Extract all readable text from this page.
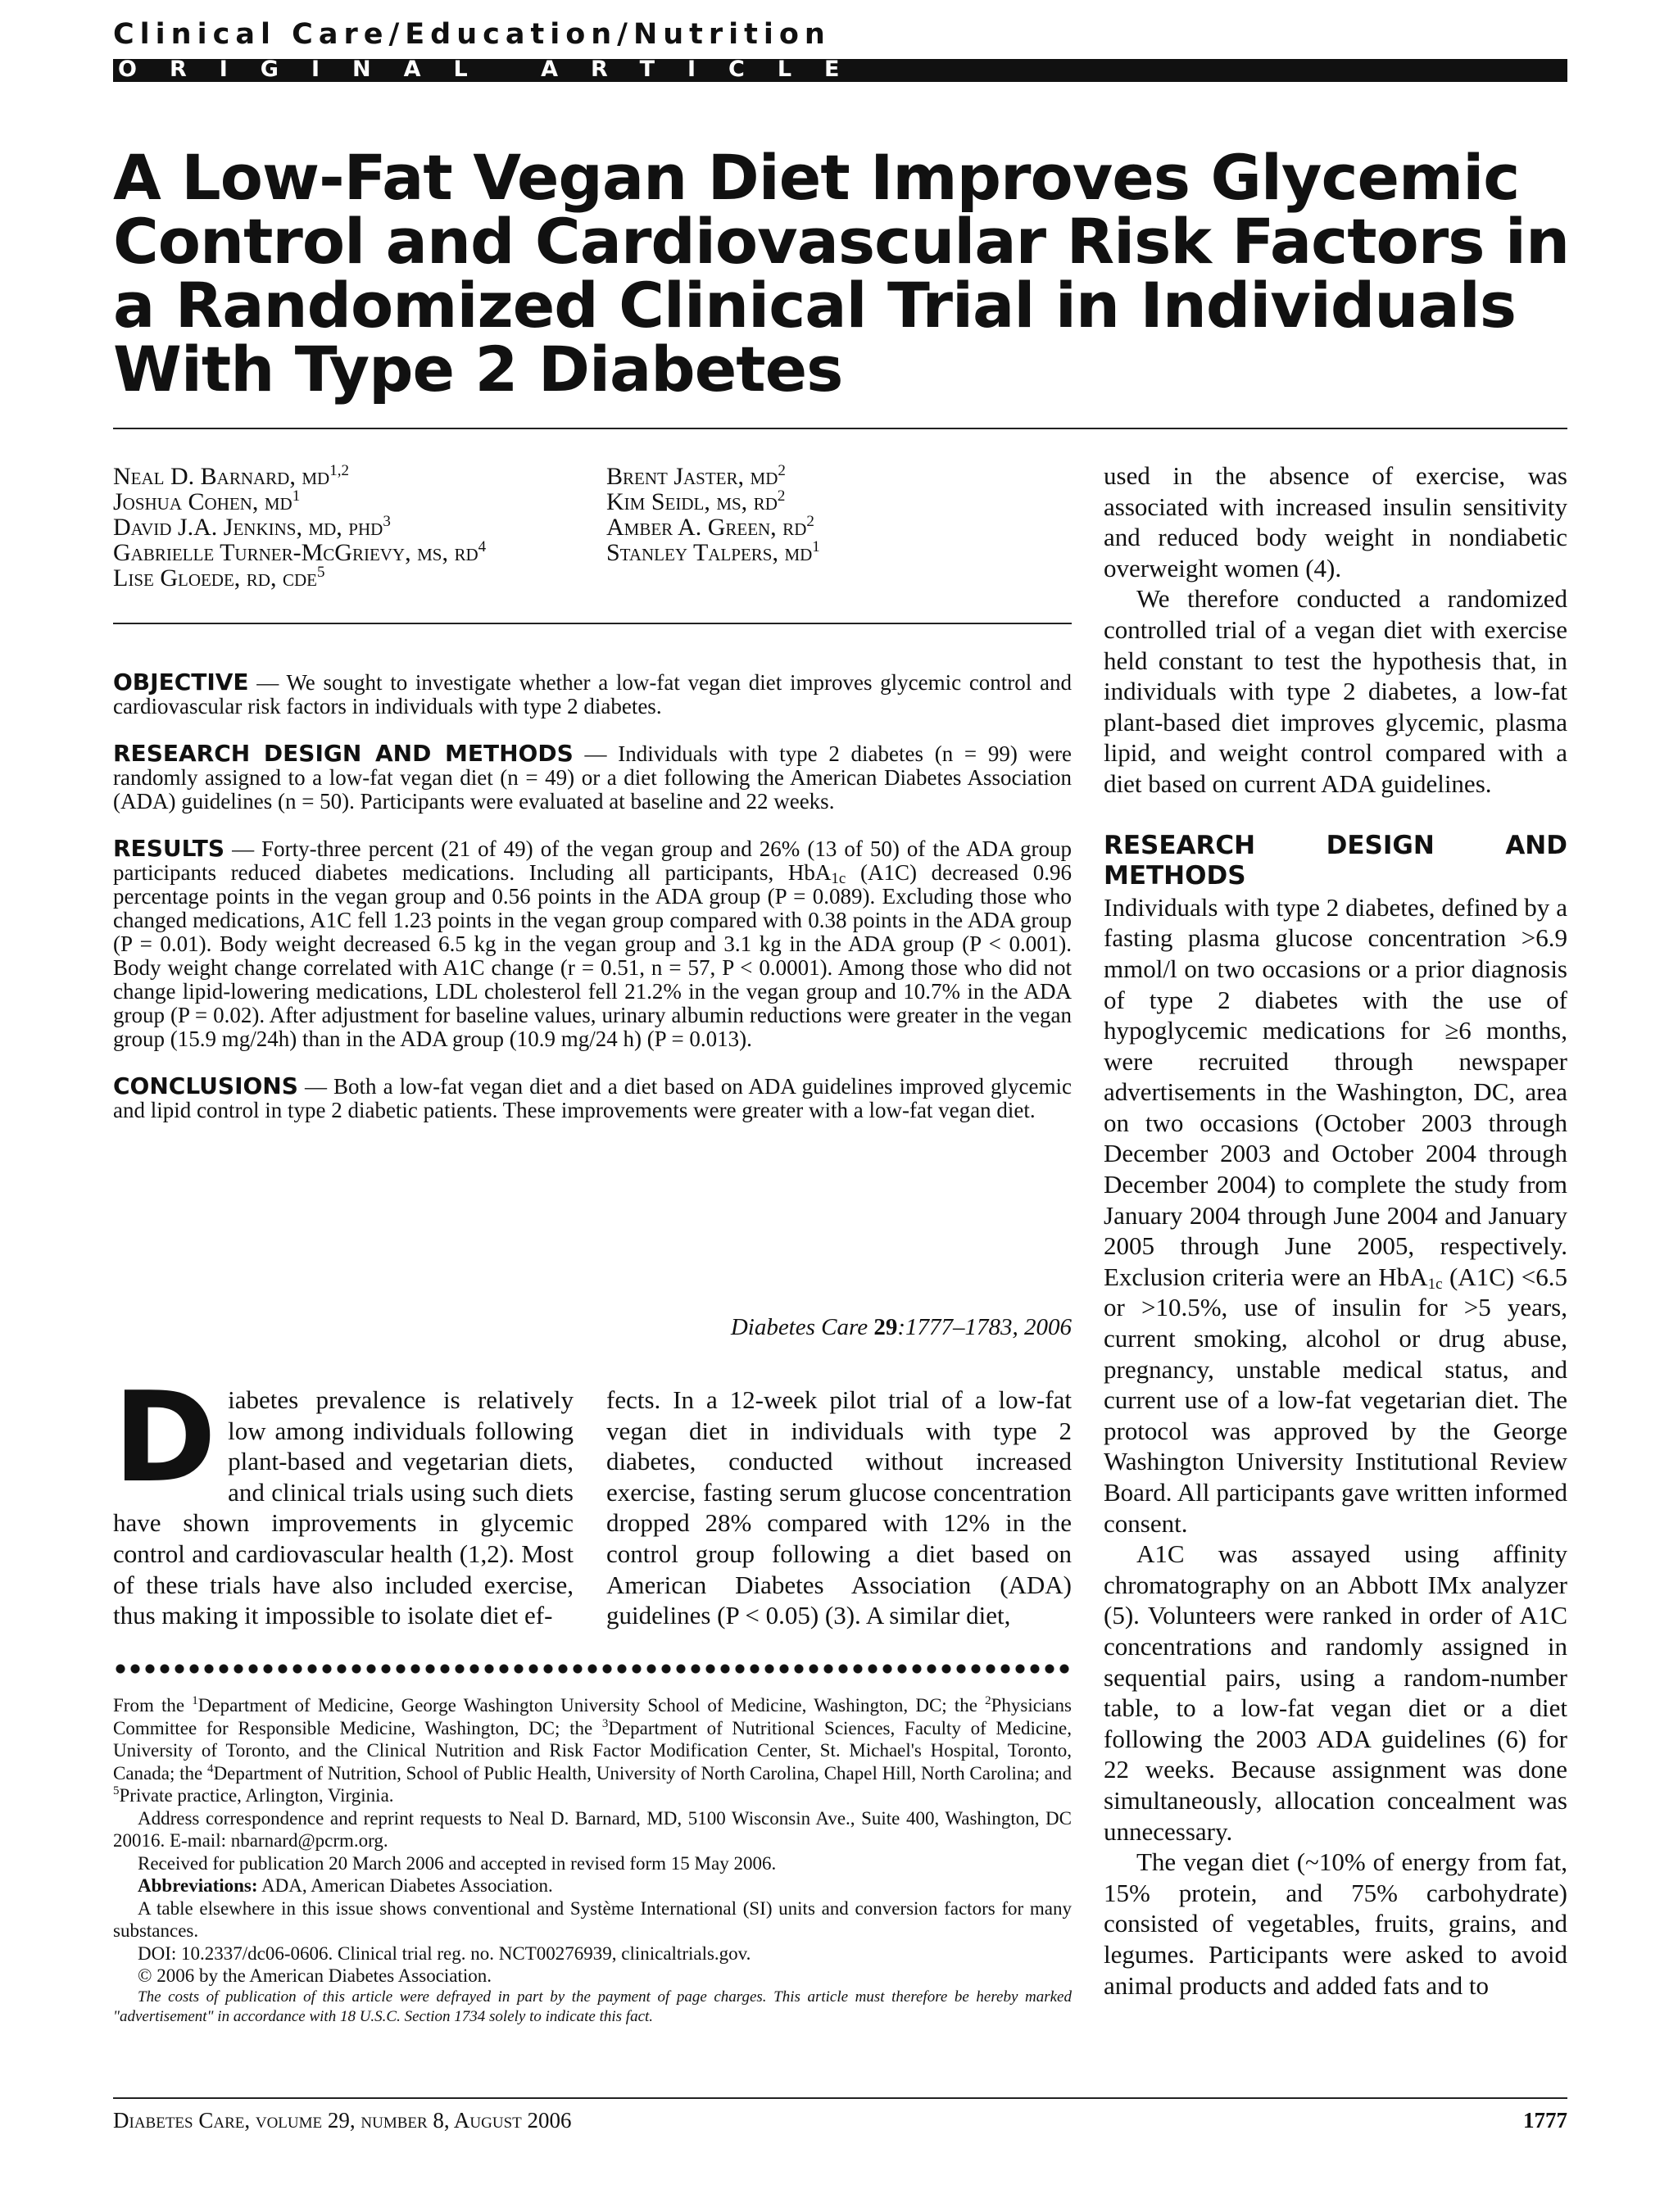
Clinical Care/Education/Nutrition
ORIGINAL ARTICLE
A Low-Fat Vegan Diet Improves Glycemic Control and Cardiovascular Risk Factors in a Randomized Clinical Trial in Individuals With Type 2 Diabetes
Neal D. Barnard, md$^{1,2}$
Joshua Cohen, $md^1$
David J.A. Jenkins, md, phd$^3$
Gabrielle Turner-McGrievy, ms, $rd^4$
Lise Gloede, rd, cde$^5$
Brent Jaster, $md^2$
Kim Seidl, ms, $rd^2$
Amber A. Green, $rd^2$
Stanley Talpers, $md^1$

OBJECTIVE — We sought to investigate whether a low-fat vegan diet improves glycemic control and cardiovascular risk factors in individuals with type 2 diabetes.

RESEARCH DESIGN AND METHODS — Individuals with type 2 diabetes (n = 99) were randomly assigned to a low-fat vegan diet (n = 49) or a diet following the American Diabetes Association (ADA) guidelines (n = 50). Participants were evaluated at baseline and 22 weeks.

RESULTS — Forty-three percent (21 of 49) of the vegan group and 26% (13 of 50) of the ADA group participants reduced diabetes medications. Including all participants, HbA$_{1c}$ (A1C) decreased 0.96 percentage points in the vegan group and 0.56 points in the ADA group (P = 0.089). Excluding those who changed medications, A1C fell 1.23 points in the vegan group compared with 0.38 points in the ADA group (P = 0.01). Body weight decreased 6.5 kg in the vegan group and 3.1 kg in the ADA group (P < 0.001). Body weight change correlated with A1C change (r = 0.51, n = 57, P < 0.0001). Among those who did not change lipid-lowering medications, LDL cholesterol fell 21.2% in the vegan group and 10.7% in the ADA group (P = 0.02). After adjustment for baseline values, urinary albumin reductions were greater in the vegan group (15.9 mg/24h) than in the ADA group (10.9 mg/24 h) (P = 0.013).

CONCLUSIONS — Both a low-fat vegan diet and a diet based on ADA guidelines improved glycemic and lipid control in type 2 diabetic patients. These improvements were greater with a low-fat vegan diet.

Diabetes Care 29:1777–1783, 2006

Diabetes prevalence is relatively low among individuals following plant-based and vegetarian diets, and clinical trials using such diets have shown improvements in glycemic control and cardiovascular health (1,2). Most of these trials have also included exercise, thus making it impossible to isolate diet ef-

fects. In a 12-week pilot trial of a low-fat vegan diet in individuals with type 2 diabetes, conducted without increased exercise, fasting serum glucose concentration dropped 28% compared with 12% in the control group following a diet based on American Diabetes Association (ADA) guidelines (P < 0.05) (3). A similar diet,

From the $^1$Department of Medicine, George Washington University School of Medicine, Washington, DC; the $^2$Physicians Committee for Responsible Medicine, Washington, DC; the $^3$Department of Nutritional Sciences, Faculty of Medicine, University of Toronto, and the Clinical Nutrition and Risk Factor Modification Center, St. Michael's Hospital, Toronto, Canada; the $^4$Department of Nutrition, School of Public Health, University of North Carolina, Chapel Hill, North Carolina; and $^5$Private practice, Arlington, Virginia.

Address correspondence and reprint requests to Neal D. Barnard, MD, 5100 Wisconsin Ave., Suite 400, Washington, DC 20016. E-mail: nbarnard@pcrm.org.

Received for publication 20 March 2006 and accepted in revised form 15 May 2006.

Abbreviations: ADA, American Diabetes Association.

A table elsewhere in this issue shows conventional and Système International (SI) units and conversion factors for many substances.

DOI: 10.2337/dc06-0606. Clinical trial reg. no. NCT00276939, clinicaltrials.gov.

© 2006 by the American Diabetes Association.

The costs of publication of this article were defrayed in part by the payment of page charges. This article must therefore be hereby marked "advertisement" in accordance with 18 U.S.C. Section 1734 solely to indicate this fact.

used in the absence of exercise, was associated with increased insulin sensitivity and reduced body weight in nondiabetic overweight women (4).

We therefore conducted a randomized controlled trial of a vegan diet with exercise held constant to test the hypothesis that, in individuals with type 2 diabetes, a low-fat plant-based diet improves glycemic, plasma lipid, and weight control compared with a diet based on current ADA guidelines.

RESEARCH DESIGN AND METHODS

Individuals with type 2 diabetes, defined by a fasting plasma glucose concentration >6.9 mmol/l on two occasions or a prior diagnosis of type 2 diabetes with the use of hypoglycemic medications for ≥6 months, were recruited through newspaper advertisements in the Washington, DC, area on two occasions (October 2003 through December 2003 and October 2004 through December 2004) to complete the study from January 2004 through June 2004 and January 2005 through June 2005, respectively. Exclusion criteria were an HbA$_{1c}$ (A1C) <6.5 or >10.5%, use of insulin for >5 years, current smoking, alcohol or drug abuse, pregnancy, unstable medical status, and current use of a low-fat vegetarian diet. The protocol was approved by the George Washington University Institutional Review Board. All participants gave written informed consent.

A1C was assayed using affinity chromatography on an Abbott IMx analyzer (5). Volunteers were ranked in order of A1C concentrations and randomly assigned in sequential pairs, using a random-number table, to a low-fat vegan diet or a diet following the 2003 ADA guidelines (6) for 22 weeks. Because assignment was done simultaneously, allocation concealment was unnecessary.

The vegan diet (~10% of energy from fat, 15% protein, and 75% carbohydrate) consisted of vegetables, fruits, grains, and legumes. Participants were asked to avoid animal products and added fats and to

Diabetes Care, volume 29, number 8, August 2006	1777
